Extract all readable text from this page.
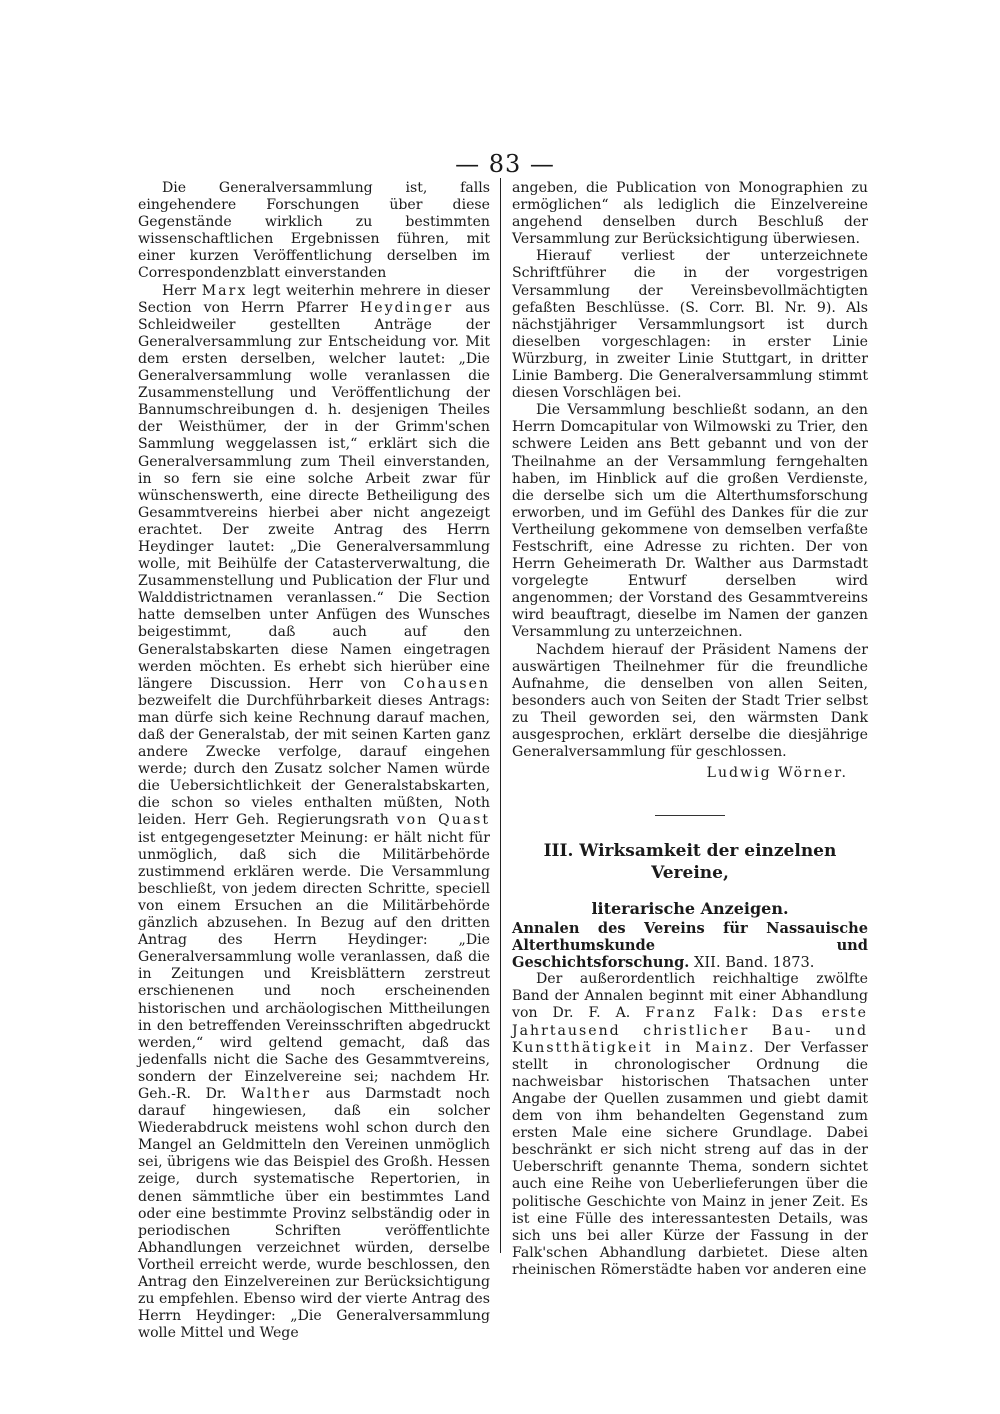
— 83 —

Die Generalversammlung ist, falls eingehendere Forschungen über diese Gegenstände wirklich zu bestimmten wissenschaftlichen Ergebnissen führen, mit einer kurzen Veröffentlichung derselben im Correspondenzblatt einverstanden

Herr Marx legt weiterhin mehrere in dieser Section von Herrn Pfarrer Heydinger aus Schleidweiler gestellten Anträge der Generalversammlung zur Entscheidung vor. Mit dem ersten derselben, welcher lautet: „Die Generalversammlung wolle veranlassen die Zusammenstellung und Veröffentlichung der Bannumschreibungen d. h. desjenigen Theiles der Weisthümer, der in der Grimm'schen Sammlung weggelassen ist,“ erklärt sich die Generalversammlung zum Theil einverstanden, in so fern sie eine solche Arbeit zwar für wünschenswerth, eine directe Betheiligung des Gesammtvereins hierbei aber nicht angezeigt erachtet. Der zweite Antrag des Herrn Heydinger lautet: „Die Generalversammlung wolle, mit Beihülfe der Catasterverwaltung, die Zusammenstellung und Publication der Flur und Walddistrictnamen veranlassen.“ Die Section hatte demselben unter Anfügen des Wunsches beigestimmt, daß auch auf den Generalstabskarten diese Namen eingetragen werden möchten. Es erhebt sich hierüber eine längere Discussion. Herr von Cohausen bezweifelt die Durchführbarkeit dieses Antrags: man dürfe sich keine Rechnung darauf machen, daß der Generalstab, der mit seinen Karten ganz andere Zwecke verfolge, darauf eingehen werde; durch den Zusatz solcher Namen würde die Uebersichtlichkeit der Generalstabskarten, die schon so vieles enthalten müßten, Noth leiden. Herr Geh. Regierungsrath von Quast ist entgegengesetzter Meinung: er hält nicht für unmöglich, daß sich die Militärbehörde zustimmend erklären werde. Die Versammlung beschließt, von jedem directen Schritte, speciell von einem Ersuchen an die Militärbehörde gänzlich abzusehen. In Bezug auf den dritten Antrag des Herrn Heydinger: „Die Generalversammlung wolle veranlassen, daß die in Zeitungen und Kreisblättern zerstreut erschienenen und noch erscheinenden historischen und archäologischen Mittheilungen in den betreffenden Vereinsschriften abgedruckt werden,“ wird geltend gemacht, daß das jedenfalls nicht die Sache des Gesammtvereins, sondern der Einzelvereine sei; nachdem Hr. Geh.-R. Dr. Walther aus Darmstadt noch darauf hingewiesen, daß ein solcher Wiederabdruck meistens wohl schon durch den Mangel an Geldmitteln den Vereinen unmöglich sei, übrigens wie das Beispiel des Großh. Hessen zeige, durch systematische Repertorien, in denen sämmtliche über ein bestimmtes Land oder eine bestimmte Provinz selbständig oder in periodischen Schriften veröffentlichte Abhandlungen verzeichnet würden, derselbe Vortheil erreicht werde, wurde beschlossen, den Antrag den Einzelvereinen zur Berücksichtigung zu empfehlen. Ebenso wird der vierte Antrag des Herrn Heydinger: „Die Generalversammlung wolle Mittel und Wege

angeben, die Publication von Monographien zu ermöglichen“ als lediglich die Einzelvereine angehend denselben durch Beschluß der Versammlung zur Berücksichtigung überwiesen.

Hierauf verliest der unterzeichnete Schriftführer die in der vorgestrigen Versammlung der Vereinsbevollmächtigten gefaßten Beschlüsse. (S. Corr. Bl. Nr. 9). Als nächstjähriger Versammlungsort ist durch dieselben vorgeschlagen: in erster Linie Würzburg, in zweiter Linie Stuttgart, in dritter Linie Bamberg. Die Generalversammlung stimmt diesen Vorschlägen bei.

Die Versammlung beschließt sodann, an den Herrn Domcapitular von Wilmowski zu Trier, den schwere Leiden ans Bett gebannt und von der Theilnahme an der Versammlung ferngehalten haben, im Hinblick auf die großen Verdienste, die derselbe sich um die Alterthumsforschung erworben, und im Gefühl des Dankes für die zur Vertheilung gekommene von demselben verfaßte Festschrift, eine Adresse zu richten. Der von Herrn Geheimerath Dr. Walther aus Darmstadt vorgelegte Entwurf derselben wird angenommen; der Vorstand des Gesammtvereins wird beauftragt, dieselbe im Namen der ganzen Versammlung zu unterzeichnen.

Nachdem hierauf der Präsident Namens der auswärtigen Theilnehmer für die freundliche Aufnahme, die denselben von allen Seiten, besonders auch von Seiten der Stadt Trier selbst zu Theil geworden sei, den wärmsten Dank ausgesprochen, erklärt derselbe die diesjährige Generalversammlung für geschlossen.

Ludwig Wörner.
III. Wirksamkeit der einzelnen Vereine,
literarische Anzeigen.

Annalen des Vereins für Nassauische Alterthumskunde und Geschichtsforschung. XII. Band. 1873.

Der außerordentlich reichhaltige zwölfte Band der Annalen beginnt mit einer Abhandlung von Dr. F. A. Franz Falk: Das erste Jahrtausend christlicher Bau- und Kunstthätigkeit in Mainz. Der Verfasser stellt in chronologischer Ordnung die nachweisbar historischen Thatsachen unter Angabe der Quellen zusammen und giebt damit dem von ihm behandelten Gegenstand zum ersten Male eine sichere Grundlage. Dabei beschränkt er sich nicht streng auf das in der Ueberschrift genannte Thema, sondern sichtet auch eine Reihe von Ueberlieferungen über die politische Geschichte von Mainz in jener Zeit. Es ist eine Fülle des interessantesten Details, was sich uns bei aller Kürze der Fassung in der Falk'schen Abhandlung darbietet. Diese alten rheinischen Römerstädte haben vor anderen eine
